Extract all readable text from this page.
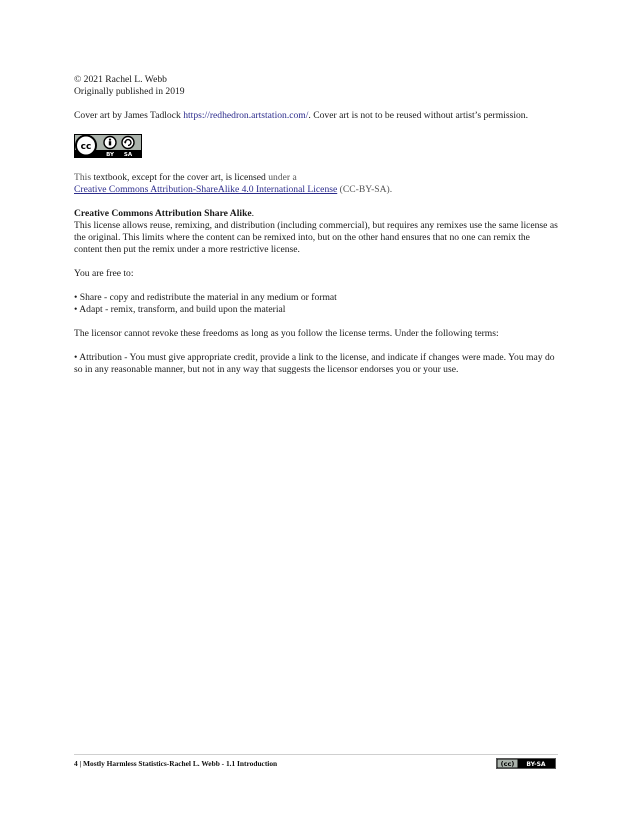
© 2021 Rachel L. Webb

Originally published in 2019

Cover art by James Tadlock https://redhedron.artstation.com/. Cover art is not to be reused without artist’s permission.

cc
BY SA

This textbook, except for the cover art, is licensed under a

Creative Commons Attribution-ShareAlike 4.0 International License (CC-BY-SA).

Creative Commons Attribution Share Alike.

This license allows reuse, remixing, and distribution (including commercial), but requires any remixes use the same license as the original. This limits where the content can be remixed into, but on the other hand ensures that no one can remix the content then put the remix under a more restrictive license.

You are free to:

• Share - copy and redistribute the material in any medium or format

• Adapt - remix, transform, and build upon the material

The licensor cannot revoke these freedoms as long as you follow the license terms. Under the following terms:

• Attribution - You must give appropriate credit, provide a link to the license, and indicate if changes were made. You may do so in any reasonable manner, but not in any way that suggests the licensor endorses you or your use.

4 | Mostly Harmless Statistics-Rachel L. Webb - 1.1 Introduction	(cc) BY-SA
